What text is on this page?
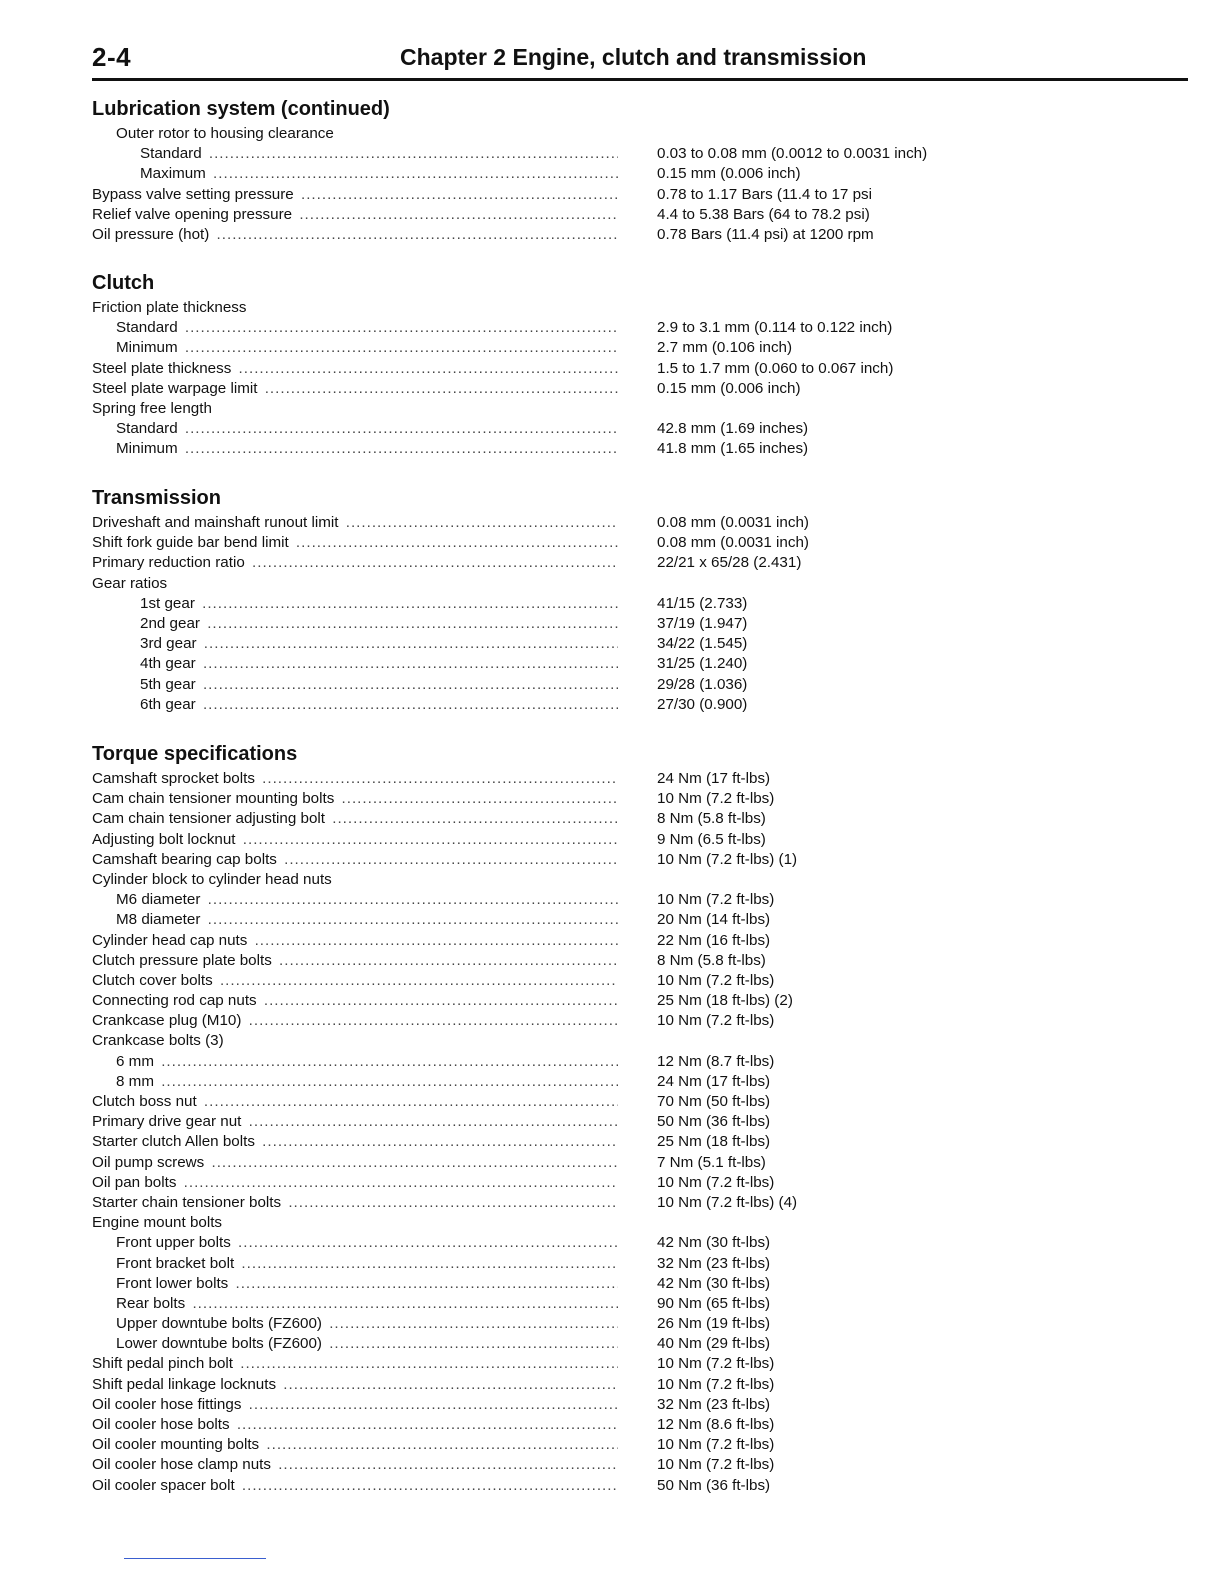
2-4	Chapter 2 Engine, clutch and transmission
Lubrication system (continued)
Outer rotor to housing clearance
Standard .....	0.03 to 0.08 mm (0.0012 to 0.0031 inch)
Maximum .....	0.15 mm (0.006 inch)
Bypass valve setting pressure .....	0.78 to 1.17 Bars (11.4 to 17 psi
Relief valve opening pressure .....	4.4 to 5.38 Bars (64 to 78.2 psi)
Oil pressure (hot) .....	0.78 Bars (11.4 psi) at 1200 rpm
Clutch
Friction plate thickness
Standard .....	2.9 to 3.1 mm (0.114 to 0.122 inch)
Minimum .....	2.7 mm (0.106 inch)
Steel plate thickness .....	1.5 to 1.7 mm (0.060 to 0.067 inch)
Steel plate warpage limit .....	0.15 mm (0.006 inch)
Spring free length
Standard .....	42.8 mm (1.69 inches)
Minimum .....	41.8 mm (1.65 inches)
Transmission
Driveshaft and mainshaft runout limit .....	0.08 mm (0.0031 inch)
Shift fork guide bar bend limit .....	0.08 mm (0.0031 inch)
Primary reduction ratio .....	22/21 x 65/28 (2.431)
Gear ratios
1st gear .....	41/15 (2.733)
2nd gear .....	37/19 (1.947)
3rd gear .....	34/22 (1.545)
4th gear .....	31/25 (1.240)
5th gear .....	29/28 (1.036)
6th gear .....	27/30 (0.900)
Torque specifications
Camshaft sprocket bolts .....	24 Nm (17 ft-lbs)
Cam chain tensioner mounting bolts .....	10 Nm (7.2 ft-lbs)
Cam chain tensioner adjusting bolt .....	8 Nm (5.8 ft-lbs)
Adjusting bolt locknut .....	9 Nm (6.5 ft-lbs)
Camshaft bearing cap bolts .....	10 Nm (7.2 ft-lbs) (1)
Cylinder block to cylinder head nuts
M6 diameter .....	10 Nm (7.2 ft-lbs)
M8 diameter .....	20 Nm (14 ft-lbs)
Cylinder head cap nuts .....	22 Nm (16 ft-lbs)
Clutch pressure plate bolts .....	8 Nm (5.8 ft-lbs)
Clutch cover bolts .....	10 Nm (7.2 ft-lbs)
Connecting rod cap nuts .....	25 Nm (18 ft-lbs) (2)
Crankcase plug (M10) .....	10 Nm (7.2 ft-lbs)
Crankcase bolts (3)
6 mm .....	12 Nm (8.7 ft-lbs)
8 mm .....	24 Nm (17 ft-lbs)
Clutch boss nut .....	70 Nm (50 ft-lbs)
Primary drive gear nut .....	50 Nm (36 ft-lbs)
Starter clutch Allen bolts .....	25 Nm (18 ft-lbs)
Oil pump screws .....	7 Nm (5.1 ft-lbs)
Oil pan bolts .....	10 Nm (7.2 ft-lbs)
Starter chain tensioner bolts .....	10 Nm (7.2 ft-lbs) (4)
Engine mount bolts
Front upper bolts .....	42 Nm (30 ft-lbs)
Front bracket bolt .....	32 Nm (23 ft-lbs)
Front lower bolts .....	42 Nm (30 ft-lbs)
Rear bolts .....	90 Nm (65 ft-lbs)
Upper downtube bolts (FZ600) .....	26 Nm (19 ft-lbs)
Lower downtube bolts (FZ600) .....	40 Nm (29 ft-lbs)
Shift pedal pinch bolt .....	10 Nm (7.2 ft-lbs)
Shift pedal linkage locknuts .....	10 Nm (7.2 ft-lbs)
Oil cooler hose fittings .....	32 Nm (23 ft-lbs)
Oil cooler hose bolts .....	12 Nm (8.6 ft-lbs)
Oil cooler mounting bolts .....	10 Nm (7.2 ft-lbs)
Oil cooler hose clamp nuts .....	10 Nm (7.2 ft-lbs)
Oil cooler spacer bolt .....	50 Nm (36 ft-lbs)
